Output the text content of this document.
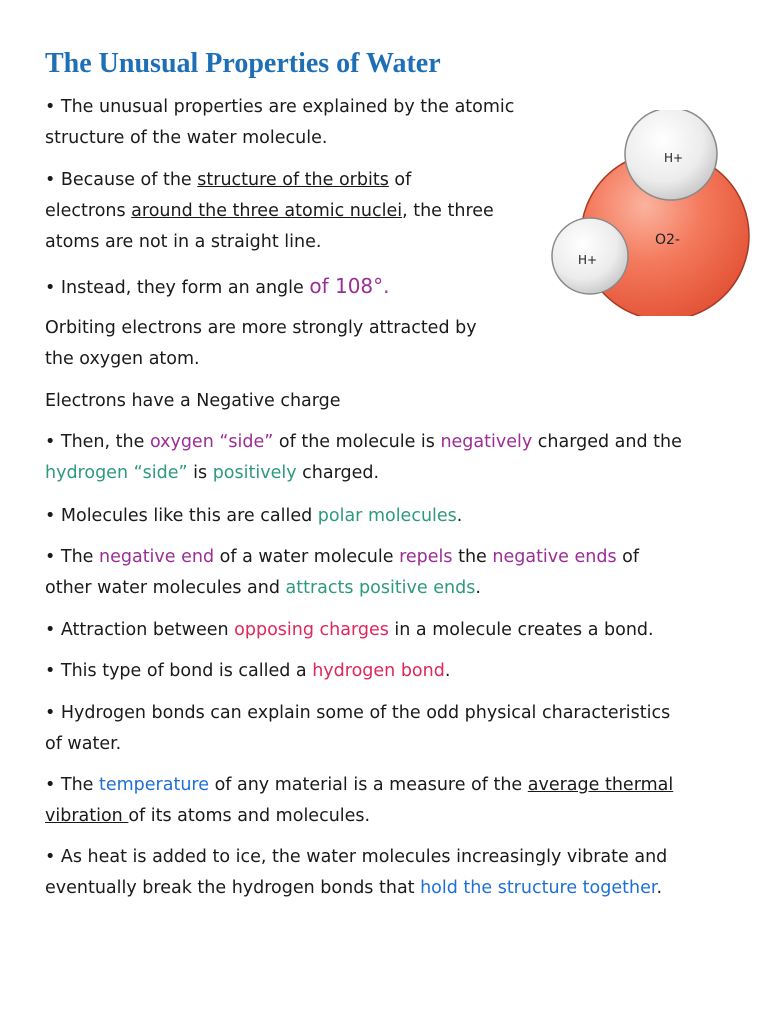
The Unusual Properties of Water
H+
H+
O2-

• The unusual properties are explained by the atomic
structure of the water molecule.

• Because of the structure of the orbits of
electrons around the three atomic nuclei, the three
atoms are not in a straight line.

• Instead, they form an angle of 108°.

Orbiting electrons are more strongly attracted by
the oxygen atom.

Electrons have a Negative charge

• Then, the oxygen “side” of the molecule is negatively charged and the
hydrogen “side” is positively charged.

• Molecules like this are called polar molecules.

• The negative end of a water molecule repels the negative ends of
other water molecules and attracts positive ends.

• Attraction between opposing charges in a molecule creates a bond.

• This type of bond is called a hydrogen bond.

• Hydrogen bonds can explain some of the odd physical characteristics
of water.

• The temperature of any material is a measure of the average thermal
vibration of its atoms and molecules.

• As heat is added to ice, the water molecules increasingly vibrate and
eventually break the hydrogen bonds that hold the structure together.
